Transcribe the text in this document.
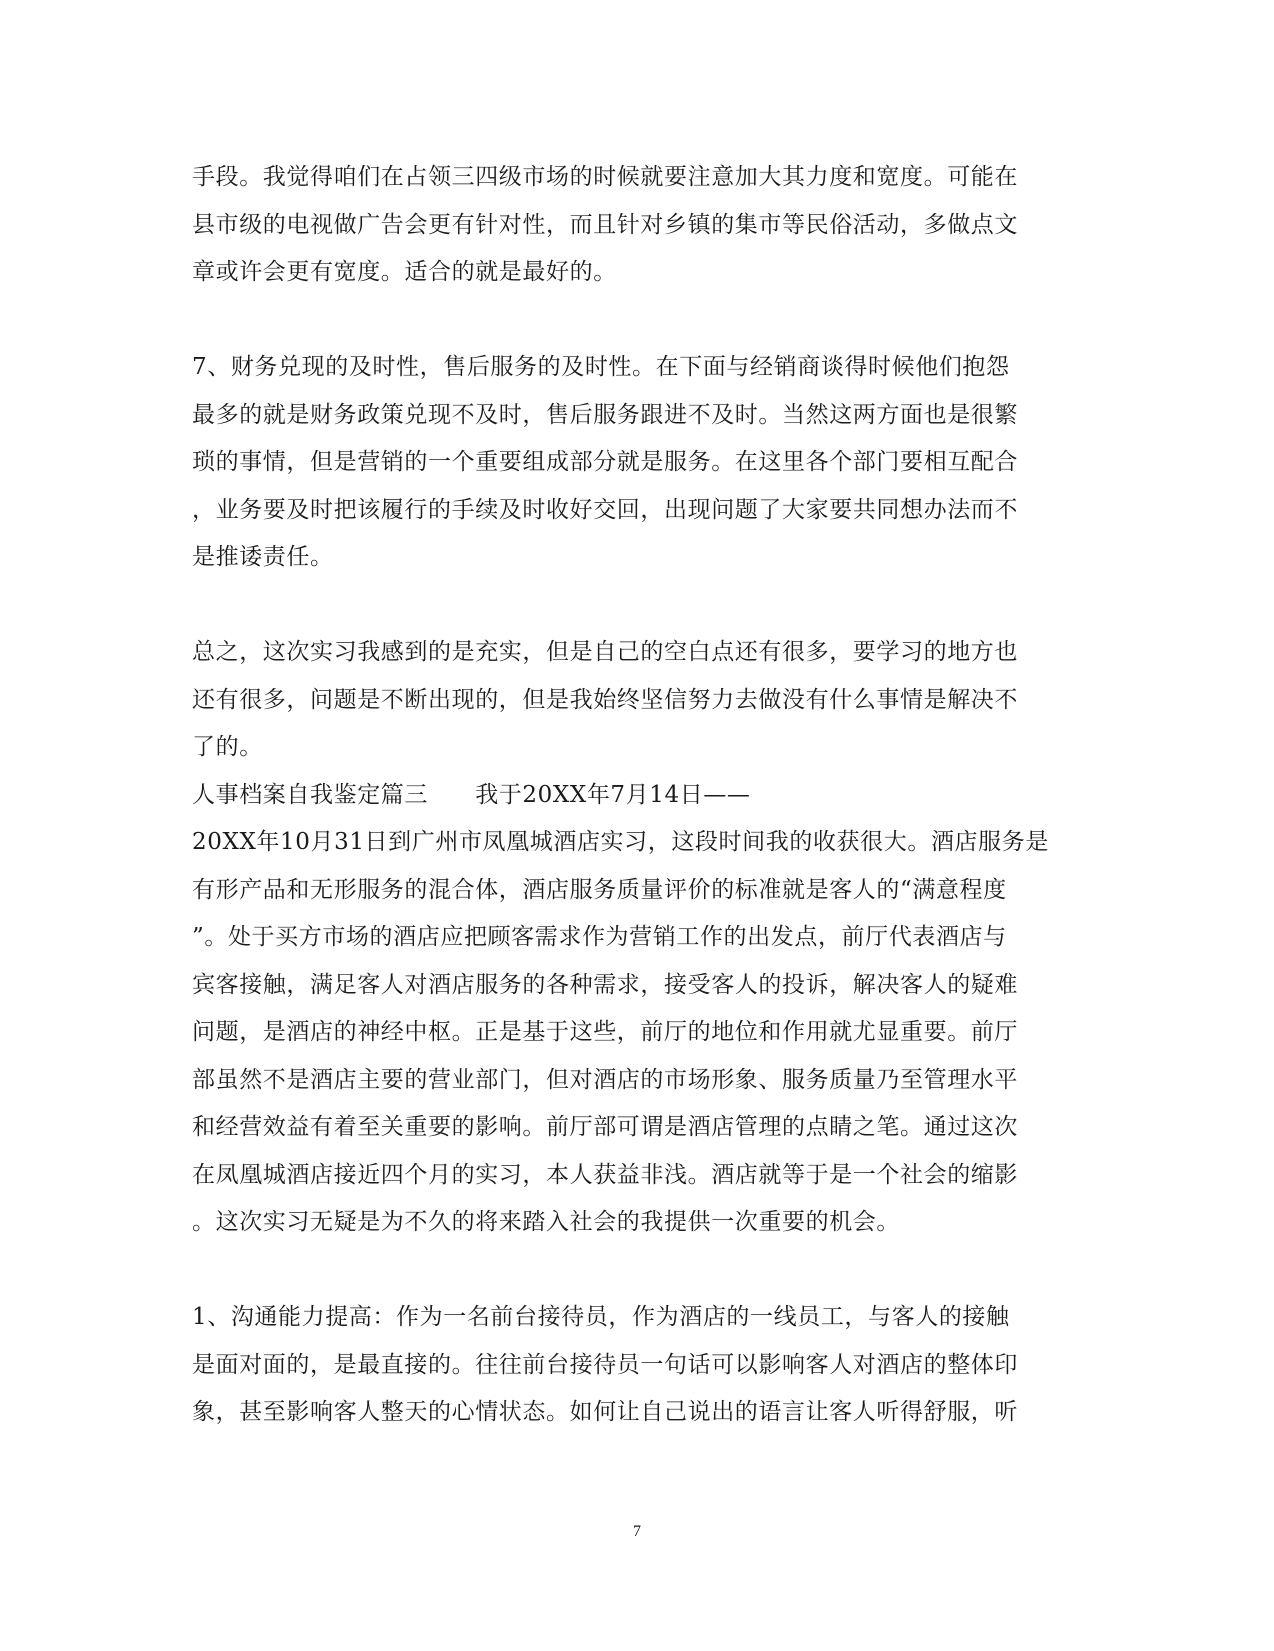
手段。我觉得咱们在占领三四级市场的时候就要注意加大其力度和宽度。可能在
县市级的电视做广告会更有针对性，而且针对乡镇的集市等民俗活动，多做点文
章或许会更有宽度。适合的就是最好的。
7、财务兑现的及时性，售后服务的及时性。在下面与经销商谈得时候他们抱怨
最多的就是财务政策兑现不及时，售后服务跟进不及时。当然这两方面也是很繁
琐的事情，但是营销的一个重要组成部分就是服务。在这里各个部门要相互配合
，业务要及时把该履行的手续及时收好交回，出现问题了大家要共同想办法而不
是推诿责任。
总之，这次实习我感到的是充实，但是自己的空白点还有很多，要学习的地方也
还有很多，问题是不断出现的，但是我始终坚信努力去做没有什么事情是解决不
了的。
人事档案自我鉴定篇三　　我于20XX年7月14日——
20XX年10月31日到广州市凤凰城酒店实习，这段时间我的收获很大。酒店服务是
有形产品和无形服务的混合体，酒店服务质量评价的标准就是客人的“满意程度
”。处于买方市场的酒店应把顾客需求作为营销工作的出发点，前厅代表酒店与
宾客接触，满足客人对酒店服务的各种需求，接受客人的投诉，解决客人的疑难
问题，是酒店的神经中枢。正是基于这些，前厅的地位和作用就尤显重要。前厅
部虽然不是酒店主要的营业部门，但对酒店的市场形象、服务质量乃至管理水平
和经营效益有着至关重要的影响。前厅部可谓是酒店管理的点睛之笔。通过这次
在凤凰城酒店接近四个月的实习，本人获益非浅。酒店就等于是一个社会的缩影
。这次实习无疑是为不久的将来踏入社会的我提供一次重要的机会。
1、沟通能力提高：作为一名前台接待员，作为酒店的一线员工，与客人的接触
是面对面的，是最直接的。往往前台接待员一句话可以影响客人对酒店的整体印
象，甚至影响客人整天的心情状态。如何让自己说出的语言让客人听得舒服，听
7
